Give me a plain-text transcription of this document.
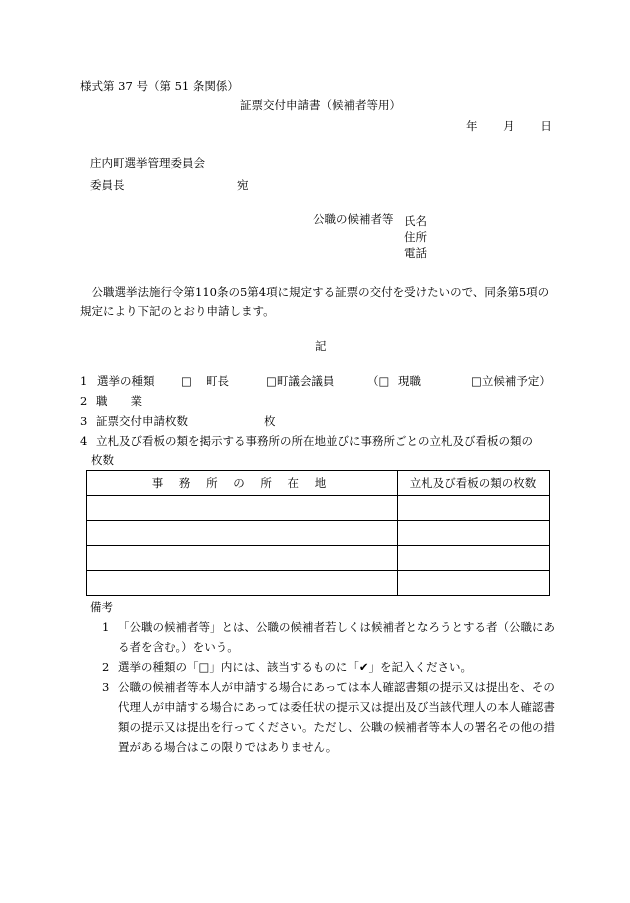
様式第 37 号（第 51 条関係）
証票交付申請書（候補者等用）
年 月 日
庄内町選挙管理委員会
委員長	宛
公職の候補者等 氏名
住所
電話
　公職選挙法施行令第110条の5第4項に規定する証票の交付を受けたいので、同条第5項の規定により下記のとおり申請します。
記
1 選挙の種類 □ 町長	□町議会議員	（□ 現職	□立候補予定）
2 職　　業
3 証票交付申請枚数	枚
4 立札及び看板の類を掲示する事務所の所在地並びに事務所ごとの立札及び看板の類の
枚数
事 務 所 の 所 在 地	立札及び看板の類の枚数
備考
1 「公職の候補者等」とは、公職の候補者若しくは候補者となろうとする者（公職にある者を含む。）をいう。
2 選挙の種類の「□」内には、該当するものに「✔」を記入ください。
3 公職の候補者等本人が申請する場合にあっては本人確認書類の提示又は提出を、その代理人が申請する場合にあっては委任状の提示又は提出及び当該代理人の本人確認書類の提示又は提出を行ってください。ただし、公職の候補者等本人の署名その他の措置がある場合はこの限りではありません。
